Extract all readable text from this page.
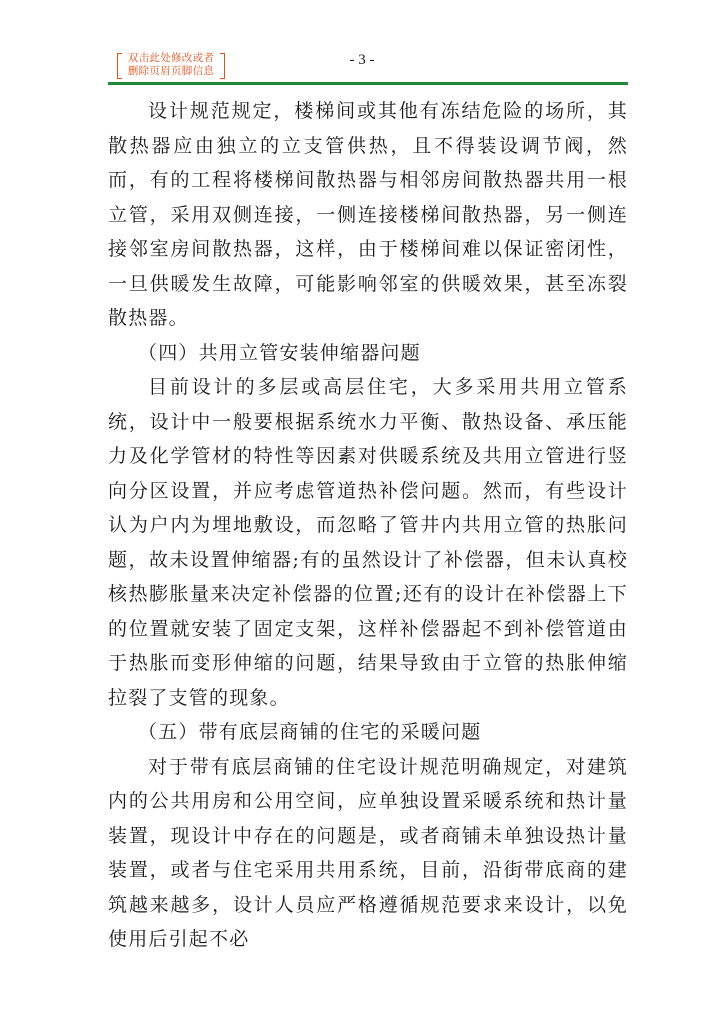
双击此处修改或者
删除页眉页脚信息
- 3 -

设计规范规定，楼梯间或其他有冻结危险的场所，其散热器应由独立的立支管供热，且不得装设调节阀，然而，有的工程将楼梯间散热器与相邻房间散热器共用一根立管，采用双侧连接，一侧连接楼梯间散热器，另一侧连接邻室房间散热器，这样，由于楼梯间难以保证密闭性，一旦供暖发生故障，可能影响邻室的供暖效果，甚至冻裂散热器。

（四）共用立管安装伸缩器问题

目前设计的多层或高层住宅，大多采用共用立管系统，设计中一般要根据系统水力平衡、散热设备、承压能力及化学管材的特性等因素对供暖系统及共用立管进行竖向分区设置，并应考虑管道热补偿问题。然而，有些设计认为户内为埋地敷设，而忽略了管井内共用立管的热胀问题，故未设置伸缩器;有的虽然设计了补偿器，但未认真校核热膨胀量来决定补偿器的位置;还有的设计在补偿器上下的位置就安装了固定支架，这样补偿器起不到补偿管道由于热胀而变形伸缩的问题，结果导致由于立管的热胀伸缩拉裂了支管的现象。

（五）带有底层商铺的住宅的采暖问题

对于带有底层商铺的住宅设计规范明确规定，对建筑内的公共用房和公用空间，应单独设置采暖系统和热计量装置，现设计中存在的问题是，或者商铺未单独设热计量装置，或者与住宅采用共用系统，目前，沿街带底商的建筑越来越多，设计人员应严格遵循规范要求来设计，以免使用后引起不必
